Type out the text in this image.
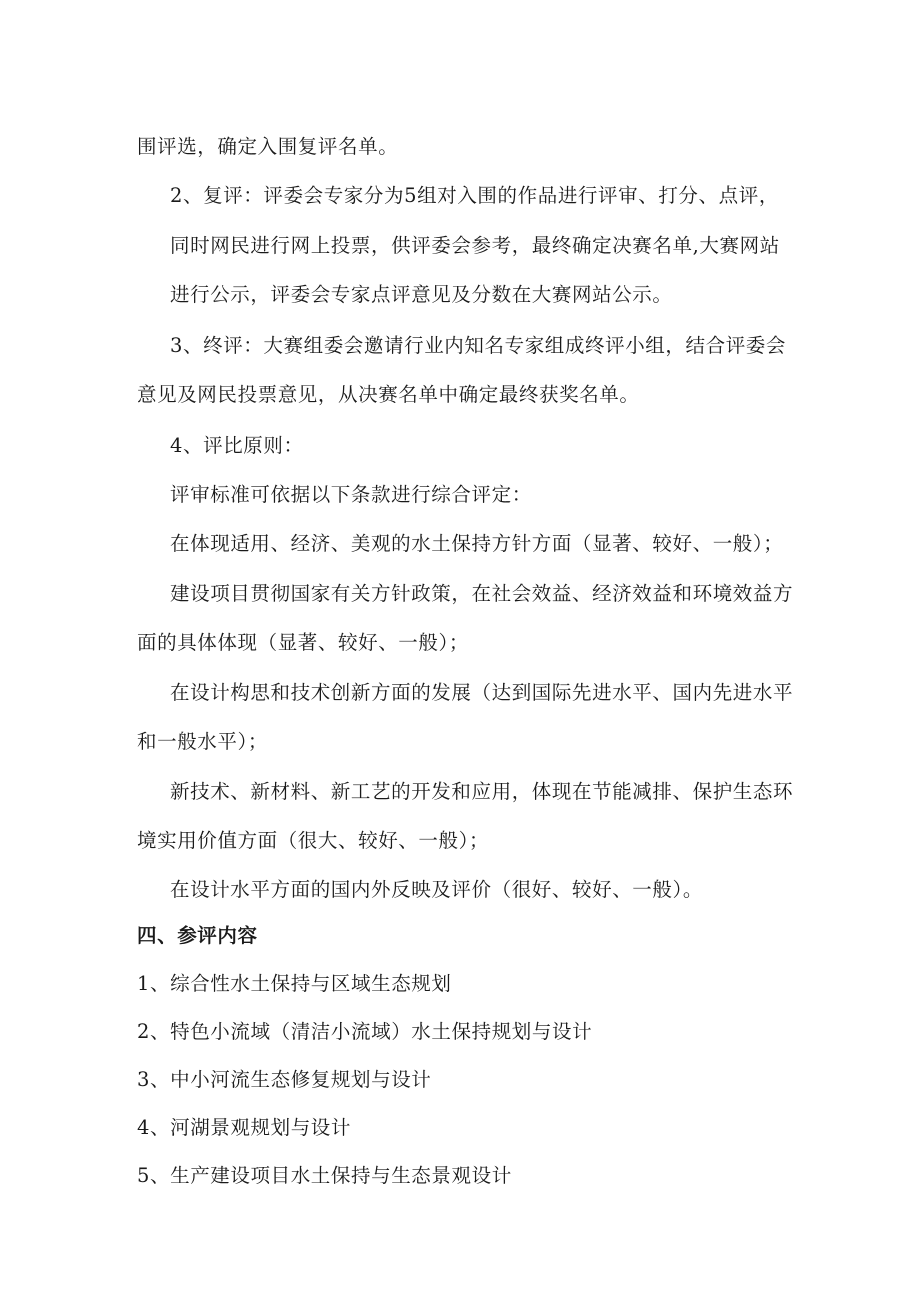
围评选，确定入围复评名单。
2、复评：评委会专家分为5组对入围的作品进行评审、打分、点评，
同时网民进行网上投票，供评委会参考，最终确定决赛名单,大赛网站
进行公示，评委会专家点评意见及分数在大赛网站公示。
3、终评：大赛组委会邀请行业内知名专家组成终评小组，结合评委会
意见及网民投票意见，从决赛名单中确定最终获奖名单。
4、评比原则：
评审标准可依据以下条款进行综合评定：
在体现适用、经济、美观的水土保持方针方面（显著、较好、一般）；
建设项目贯彻国家有关方针政策，在社会效益、经济效益和环境效益方
面的具体体现（显著、较好、一般）；
在设计构思和技术创新方面的发展（达到国际先进水平、国内先进水平
和一般水平）；
新技术、新材料、新工艺的开发和应用，体现在节能减排、保护生态环
境实用价值方面（很大、较好、一般）；
在设计水平方面的国内外反映及评价（很好、较好、一般）。
四、参评内容
1、综合性水土保持与区域生态规划
2、特色小流域（清洁小流域）水土保持规划与设计
3、中小河流生态修复规划与设计
4、河湖景观规划与设计
5、生产建设项目水土保持与生态景观设计
